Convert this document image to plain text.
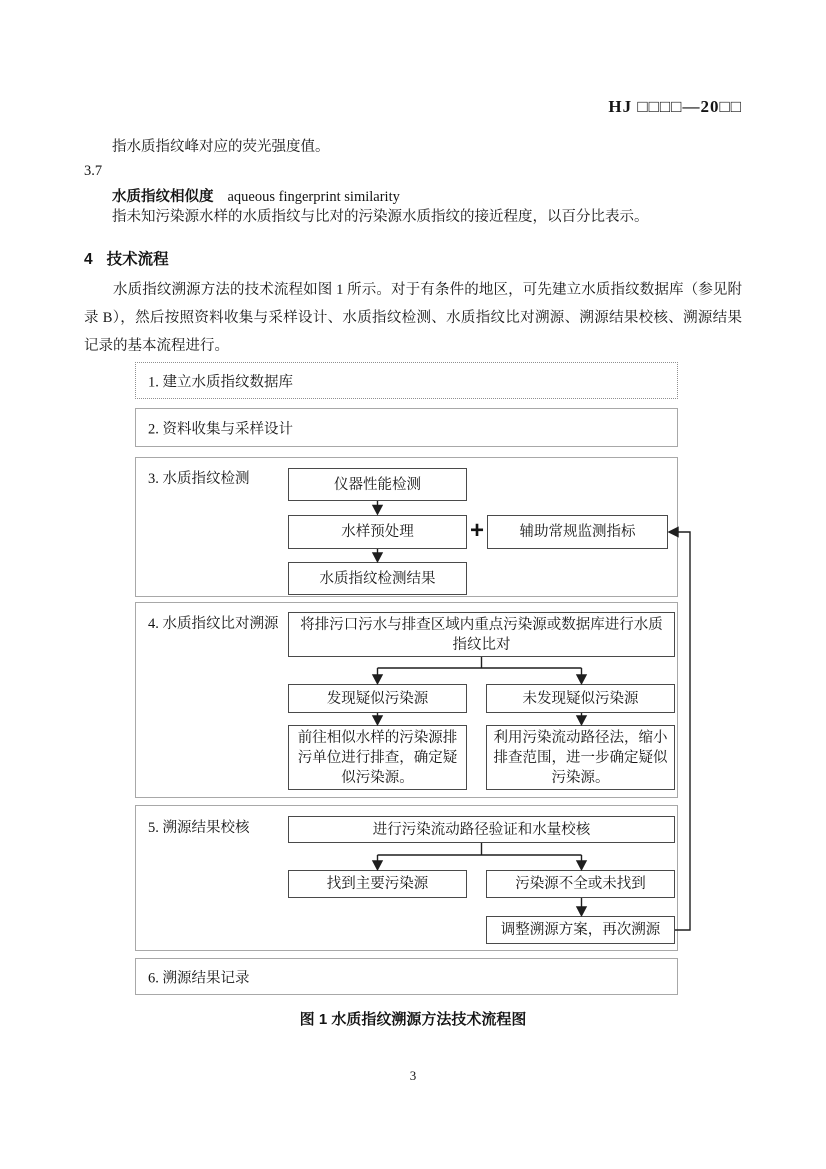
HJ □□□□—20□□
指水质指纹峰对应的荧光强度值。
3.7
水质指纹相似度 aqueous fingerprint similarity
指未知污染源水样的水质指纹与比对的污染源水质指纹的接近程度，以百分比表示。
4 技术流程
水质指纹溯源方法的技术流程如图 1 所示。对于有条件的地区，可先建立水质指纹数据库（参见附录 B），然后按照资料收集与采样设计、水质指纹检测、水质指纹比对溯源、溯源结果校核、溯源结果记录的基本流程进行。
1. 建立水质指纹数据库
2. 资料收集与采样设计
3. 水质指纹检测
4. 水质指纹比对溯源
5. 溯源结果校核
6. 溯源结果记录
仪器性能检测
水样预处理	+	辅助常规监测指标
水质指纹检测结果
将排污口污水与排查区域内重点污染源或数据库进行水质指纹比对
发现疑似污染源	未发现疑似污染源
前往相似水样的污染源排污单位进行排查，确定疑似污染源。
利用污染流动路径法，缩小排查范围，进一步确定疑似污染源。
进行污染流动路径验证和水量校核
找到主要污染源	污染源不全或未找到
调整溯源方案，再次溯源
图 1 水质指纹溯源方法技术流程图
3
